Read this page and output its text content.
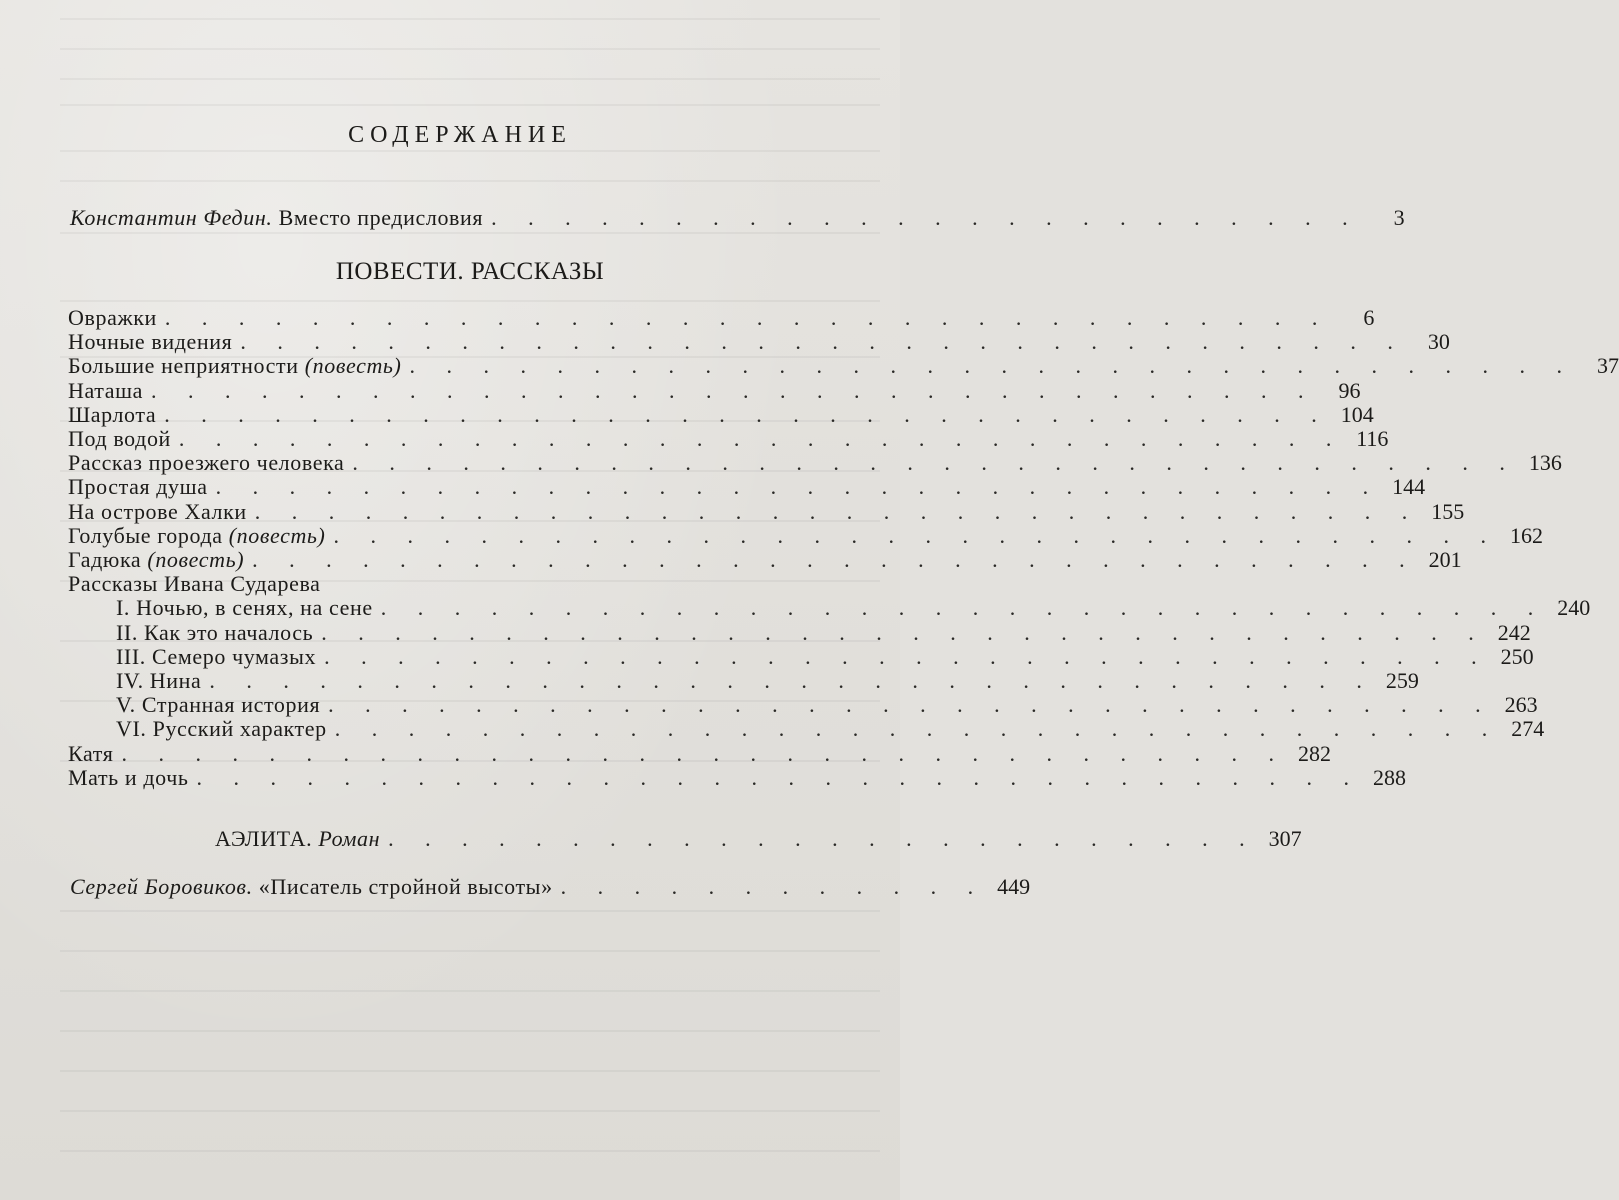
СОДЕРЖАНИЕ
Константин Федин. Вместо предисловия . . . . . . . . . . . . . . . . . . . . . . . .	3
ПОВЕСТИ. РАССКАЗЫ
Овражки . . . . . . . . . . . . . . . . . . . . . . . . . . . . . . . .	6
Ночные видения . . . . . . . . . . . . . . . . . . . . . . . . . . . . . . . .	30
Большие неприятности (повесть) . . . . . . . . . . . . . . . . . . . . . . . . . . . . . . . .	37
Наташа . . . . . . . . . . . . . . . . . . . . . . . . . . . . . . . .	96
Шарлота . . . . . . . . . . . . . . . . . . . . . . . . . . . . . . . . 104
Под водой . . . . . . . . . . . . . . . . . . . . . . . . . . . . . . . . 116
Рассказ проезжего человека . . . . . . . . . . . . . . . . . . . . . . . . . . . . . . . . 136
Простая душа . . . . . . . . . . . . . . . . . . . . . . . . . . . . . . . . 144
На острове Халки . . . . . . . . . . . . . . . . . . . . . . . . . . . . . . . . 155
Голубые города (повесть) . . . . . . . . . . . . . . . . . . . . . . . . . . . . . . . . 162
Гадюка (повесть) . . . . . . . . . . . . . . . . . . . . . . . . . . . . . . . . 201
Рассказы Ивана Сударева
I. Ночью, в сенях, на сене . . . . . . . . . . . . . . . . . . . . . . . . . . . . . . . . 240
II. Как это началось . . . . . . . . . . . . . . . . . . . . . . . . . . . . . . . . 242
III. Семеро чумазых . . . . . . . . . . . . . . . . . . . . . . . . . . . . . . . . 250
IV. Нина . . . . . . . . . . . . . . . . . . . . . . . . . . . . . . . . 259
V. Странная история . . . . . . . . . . . . . . . . . . . . . . . . . . . . . . . . 263
VI. Русский характер . . . . . . . . . . . . . . . . . . . . . . . . . . . . . . . . 274
Катя . . . . . . . . . . . . . . . . . . . . . . . . . . . . . . . . 282
Мать и дочь . . . . . . . . . . . . . . . . . . . . . . . . . . . . . . . . 288
АЭЛИТА. Роман . . . . . . . . . . . . . . . . . . . . . . . . 307
Сергей Боровиков. «Писатель стройной высоты» . . . . . . . . . . . . 449
